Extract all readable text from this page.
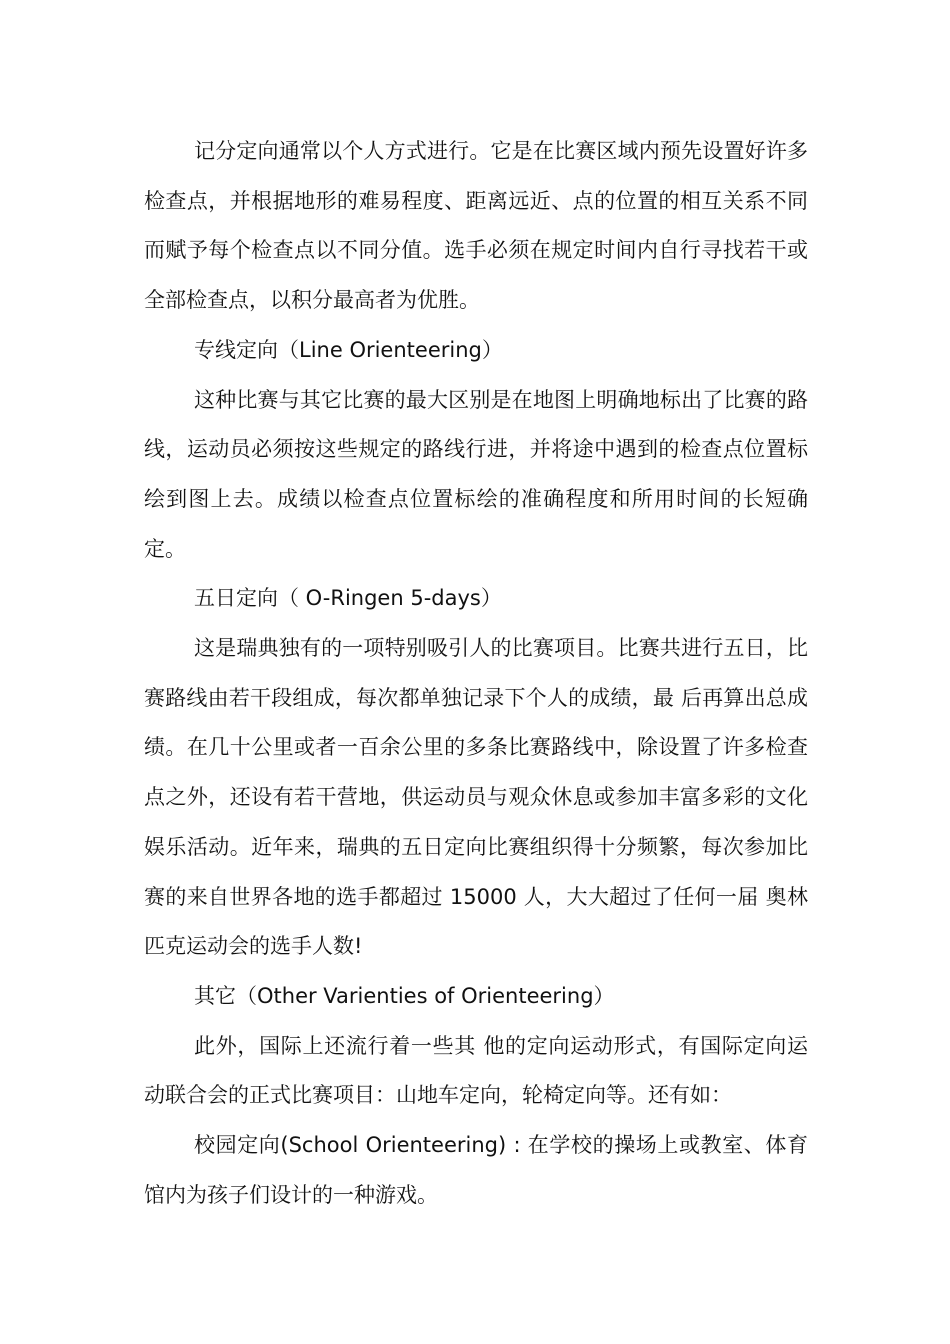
记分定向通常以个人方式进行。它是在比赛区域内预先设置好许多检查点，并根据地形的难易程度、距离远近、点的位置的相互关系不同而赋予每个检查点以不同分值。选手必须在规定时间内自行寻找若干或全部检查点，以积分最高者为优胜。

专线定向（Line Orienteering）

这种比赛与其它比赛的最大区别是在地图上明确地标出了比赛的路线，运动员必须按这些规定的路线行进，并将途中遇到的检查点位置标绘到图上去。成绩以检查点位置标绘的准确程度和所用时间的长短确定。

五日定向（ O-Ringen 5-days）

这是瑞典独有的一项特别吸引人的比赛项目。比赛共进行五日，比赛路线由若干段组成，每次都单独记录下个人的成绩，最 后再算出总成绩。在几十公里或者一百余公里的多条比赛路线中，除设置了许多检查点之外，还设有若干营地，供运动员与观众休息或参加丰富多彩的文化娱乐活动。近年来，瑞典的五日定向比赛组织得十分频繁，每次参加比赛的来自世界各地的选手都超过 15000 人，大大超过了任何一届 奥林匹克运动会的选手人数!

其它（Other Varienties of Orienteering）

此外，国际上还流行着一些其 他的定向运动形式，有国际定向运动联合会的正式比赛项目：山地车定向，轮椅定向等。还有如：

校园定向(School Orienteering) : 在学校的操场上或教室、体育馆内为孩子们设计的一种游戏。
